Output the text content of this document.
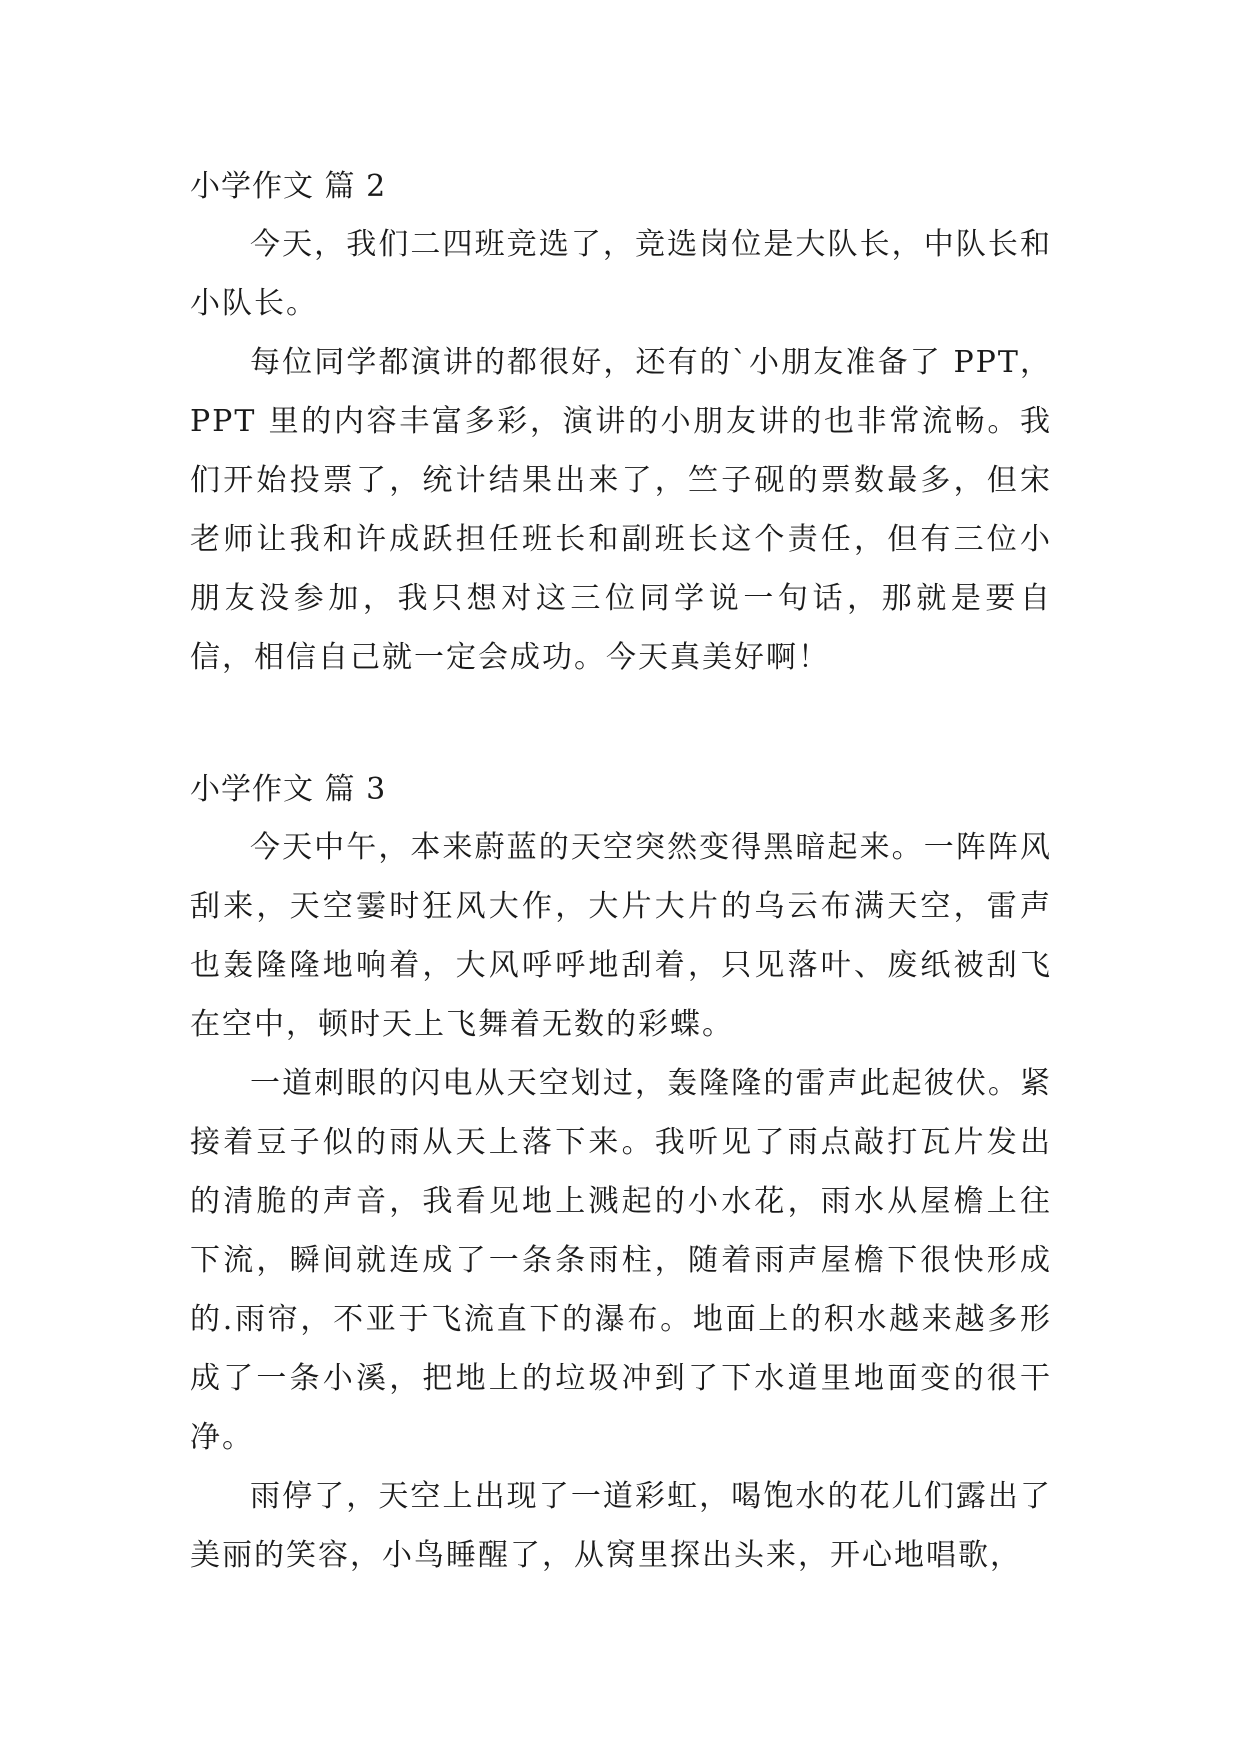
小学作文 篇 2

今天，我们二四班竞选了，竞选岗位是大队长，中队长和小队长。

每位同学都演讲的都很好，还有的`小朋友准备了 PPT，PPT 里的内容丰富多彩，演讲的小朋友讲的也非常流畅。我们开始投票了，统计结果出来了，竺子砚的票数最多，但宋老师让我和许成跃担任班长和副班长这个责任，但有三位小朋友没参加，我只想对这三位同学说一句话，那就是要自信，相信自己就一定会成功。今天真美好啊！

小学作文 篇 3

今天中午，本来蔚蓝的天空突然变得黑暗起来。一阵阵风刮来，天空霎时狂风大作，大片大片的乌云布满天空，雷声也轰隆隆地响着，大风呼呼地刮着，只见落叶、废纸被刮飞在空中，顿时天上飞舞着无数的彩蝶。

一道刺眼的闪电从天空划过，轰隆隆的雷声此起彼伏。紧接着豆子似的雨从天上落下来。我听见了雨点敲打瓦片发出的清脆的声音，我看见地上溅起的小水花，雨水从屋檐上往下流，瞬间就连成了一条条雨柱，随着雨声屋檐下很快形成的.雨帘，不亚于飞流直下的瀑布。地面上的积水越来越多形成了一条小溪，把地上的垃圾冲到了下水道里地面变的很干净。

雨停了，天空上出现了一道彩虹，喝饱水的花儿们露出了美丽的笑容，小鸟睡醒了，从窝里探出头来，开心地唱歌，
